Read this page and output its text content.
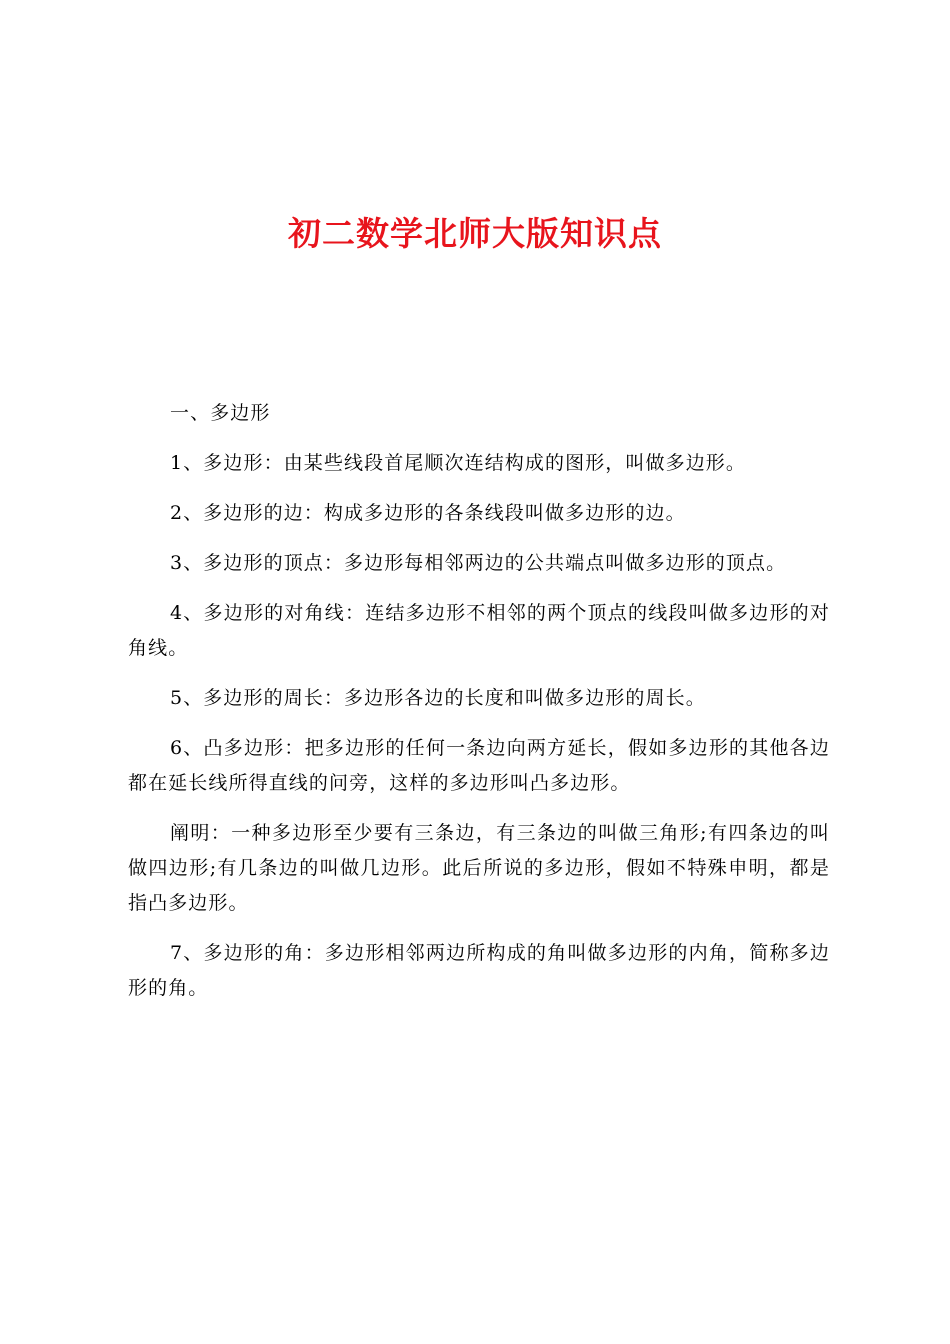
初二数学北师大版知识点

一、多边形

1、多边形：由某些线段首尾顺次连结构成的图形，叫做多边形。

2、多边形的边：构成多边形的各条线段叫做多边形的边。

3、多边形的顶点：多边形每相邻两边的公共端点叫做多边形的顶点。

4、多边形的对角线：连结多边形不相邻的两个顶点的线段叫做多边形的对角线。

5、多边形的周长：多边形各边的长度和叫做多边形的周长。

6、凸多边形：把多边形的任何一条边向两方延长，假如多边形的其他各边都在延长线所得直线的问旁，这样的多边形叫凸多边形。

阐明：一种多边形至少要有三条边，有三条边的叫做三角形;有四条边的叫做四边形;有几条边的叫做几边形。此后所说的多边形，假如不特殊申明，都是指凸多边形。

7、多边形的角：多边形相邻两边所构成的角叫做多边形的内角，简称多边形的角。
